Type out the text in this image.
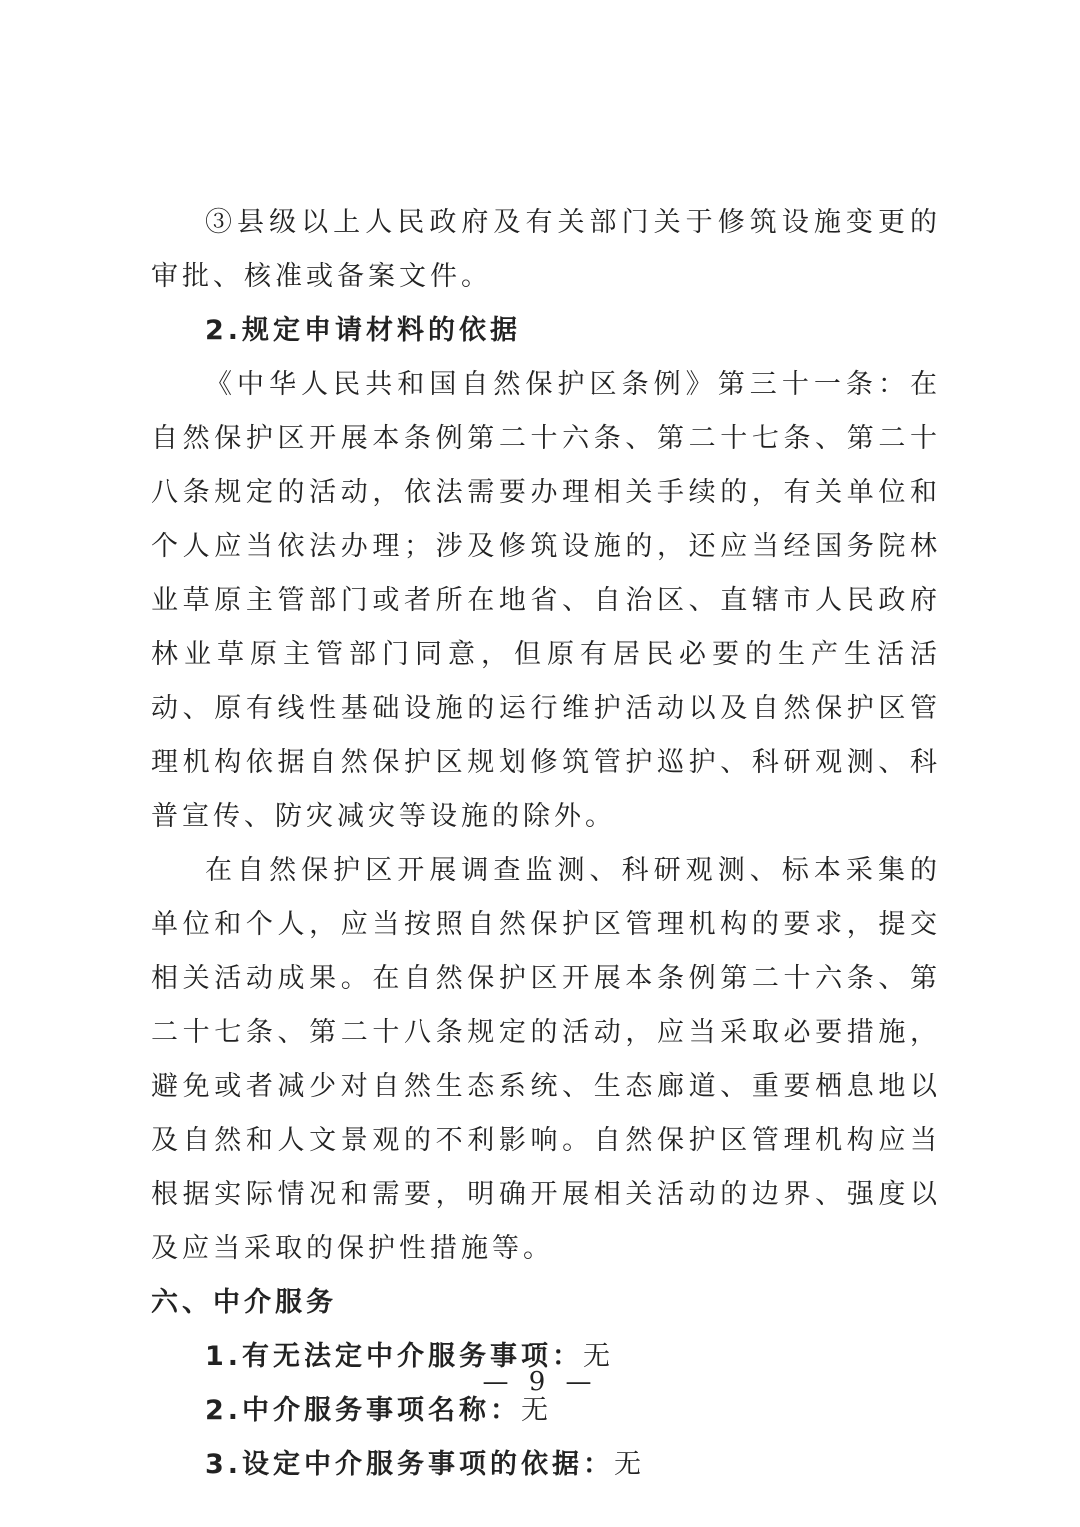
③县级以上人民政府及有关部门关于修筑设施变更的审批、核准或备案文件。

2.规定申请材料的依据

《中华人民共和国自然保护区条例》第三十一条：在自然保护区开展本条例第二十六条、第二十七条、第二十八条规定的活动，依法需要办理相关手续的，有关单位和个人应当依法办理；涉及修筑设施的，还应当经国务院林业草原主管部门或者所在地省、自治区、直辖市人民政府林业草原主管部门同意，但原有居民必要的生产生活活动、原有线性基础设施的运行维护活动以及自然保护区管理机构依据自然保护区规划修筑管护巡护、科研观测、科普宣传、防灾减灾等设施的除外。

在自然保护区开展调查监测、科研观测、标本采集的单位和个人，应当按照自然保护区管理机构的要求，提交相关活动成果。在自然保护区开展本条例第二十六条、第二十七条、第二十八条规定的活动，应当采取必要措施，避免或者减少对自然生态系统、生态廊道、重要栖息地以及自然和人文景观的不利影响。自然保护区管理机构应当根据实际情况和需要，明确开展相关活动的边界、强度以及应当采取的保护性措施等。

六、中介服务

1.有无法定中介服务事项：无

2.中介服务事项名称：无

3.设定中介服务事项的依据：无

— 9 —
